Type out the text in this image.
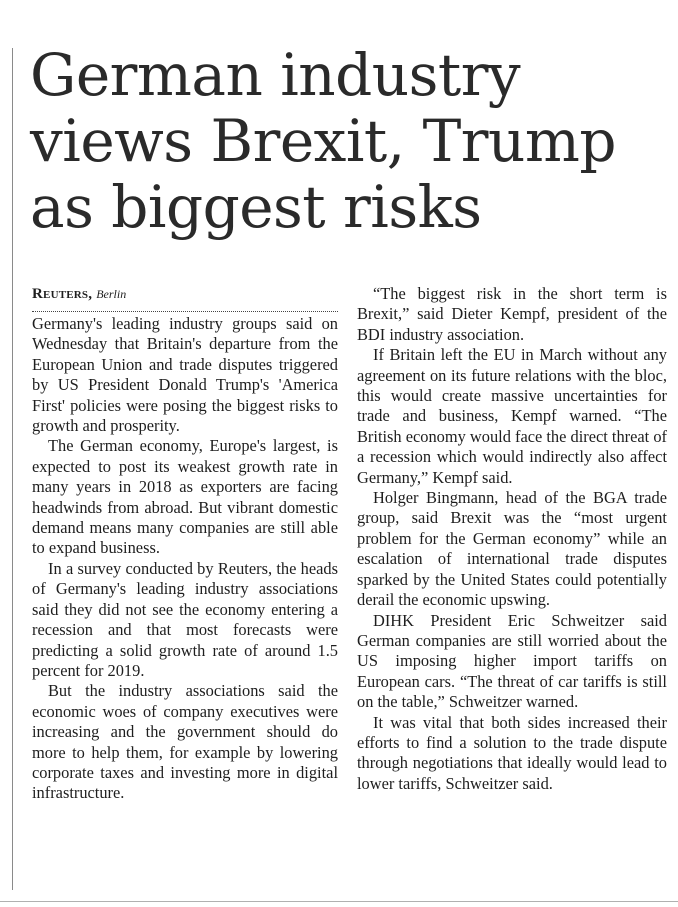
German industry
views Brexit, Trump
as biggest risks

Reuters, Berlin

Germany's leading industry groups said on Wednesday that Britain's departure from the European Union and trade disputes triggered by US President Donald Trump's 'America First' policies were posing the biggest risks to growth and prosperity.

The German economy, Europe's largest, is expected to post its weakest growth rate in many years in 2018 as exporters are facing headwinds from abroad. But vibrant domestic demand means many companies are still able to expand business.

In a survey conducted by Reuters, the heads of Germany's leading industry associations said they did not see the economy entering a recession and that most forecasts were predicting a solid growth rate of around 1.5 percent for 2019.

But the industry associations said the economic woes of company executives were increasing and the government should do more to help them, for example by lowering corporate taxes and investing more in digital infrastructure.

“The biggest risk in the short term is Brexit,” said Dieter Kempf, president of the BDI industry association.

If Britain left the EU in March without any agreement on its future relations with the bloc, this would create massive uncertainties for trade and business, Kempf warned. “The British economy would face the direct threat of a recession which would indirectly also affect Germany,” Kempf said.

Holger Bingmann, head of the BGA trade group, said Brexit was the “most urgent problem for the German economy” while an escalation of international trade disputes sparked by the United States could potentially derail the economic upswing.

DIHK President Eric Schweitzer said German companies are still worried about the US imposing higher import tariffs on European cars. “The threat of car tariffs is still on the table,” Schweitzer warned.

It was vital that both sides increased their efforts to find a solution to the trade dispute through negotiations that ideally would lead to lower tariffs, Schweitzer said.
